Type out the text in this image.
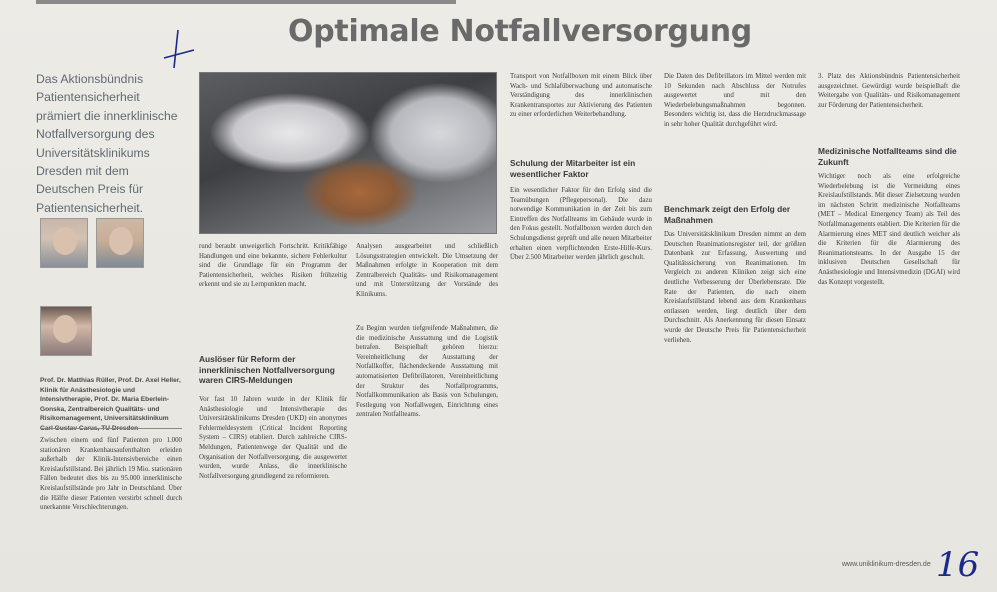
Optimale Notfallversorgung
Das Aktionsbündnis Patientensicherheit prämiert die innerklinische Notfallversorgung des Universitätsklinikums Dresden mit dem Deutschen Preis für Patientensicherheit.
Prof. Dr. Matthias Rüller, Prof. Dr. Axel Heller, Klinik für Anästhesiologie und Intensivtherapie, Prof. Dr. Maria Eberlein-Gonska, Zentralbereich Qualitäts- und Risikomanagement, Universitätsklinikum
Zwischen einem und fünf Patienten pro 1.000 stationären Krankenhausaufenthalten erleiden außerhalb der Klinik-Intensivbereiche einen Kreislaufstillstand. Bei jährlich 19 Mio. stationären Fällen bedeutet dies bis zu 95.000 innerklinische Kreislaufstillstände pro Jahr in Deutschland. Über die Hälfte dieser Patienten verstirbt schnell durch unerkannte Verschlechterungen.
rund beraubt unweigerlich Fortschritt. Kritikfähige Handlungen und eine bekannte, sichere Fehlerkultur sind die Grundlage für ein Programm der Patientensicherheit, welches Risiken frühzeitig erkennt und sie zu Lernpunkten macht.
Auslöser für Reform der innerklinischen Notfallversorgung waren CIRS-Meldungen
Vor fast 10 Jahren wurde in der Klinik für Anästhesiologie und Intensivtherapie des Universitätsklinikums Dresden (UKD) ein anonymes Fehlermeldesystem (Critical Incident Reporting System – CIRS) etabliert. Durch zahlreiche CIRS-Meldungen, Patientenwege der Qualität und die Organisation der Notfallversorgung, die ausgewertet wurden, wurde Anlass, die innerklinische Notfallversorgung grundlegend zu reformieren.
Analysen ausgearbeitet und schließlich Lösungsstrategien entwickelt. Die Umsetzung der Maßnahmen erfolgte in Kooperation mit dem Zentralbereich Qualitäts- und Risikomanagement und mit Unterstützung der Vorstände des Klinikums.
Zu Beginn wurden tiefgreifende Maßnahmen, die die medizinische Ausstattung und die Logistik betrafen. Beispielhaft gehören hierzu: Vereinheitlichung der Ausstattung der Notfallkoffer, flächendeckende Ausstattung mit automatisierten Defibrillatoren, Vereinheitlichung der Struktur des Notfallprogramms, Notfallkommunikation als Basis von Schulungen, Festlegung von Notfallwegen, Einrichtung eines zentralen Notfallteams.
Transport von Notfallboxen mit einem Blick über Wach- und Schlafüberwachung und automatische Verständigung des innerklinischen Krankentransportes zur Aktivierung des Patienten zu einer erforderlichen Weiterbehandlung.
Schulung der Mitarbeiter ist ein wesentlicher Faktor
Ein wesentlicher Faktor für den Erfolg sind die Teamübungen (Pflegepersonal). Die dazu notwendige Kommunikation in der Zeit bis zum Eintreffen des Notfallteams im Gebäude wurde in den Fokus gestellt. Notfallboxen werden durch den Schulungsdienst geprüft und alle neuen Mitarbeiter erhalten einen verpflichtenden Erste-Hilfe-Kurs. Über 2.500 Mitarbeiter werden jährlich geschult.
Die Daten des Defibrillators im Mittel werden mit 10 Sekunden nach Abschluss der Notrufes ausgewertet und mit den Wiederbelebungsmaßnahmen begonnen. Besonders wichtig ist, dass die Herzdruckmassage in sehr hoher Qualität durchgeführt wird.
Benchmark zeigt den Erfolg der Maßnahmen
Das Universitätsklinikum Dresden nimmt an dem Deutschen Reanimationsregister teil, der größten Datenbank zur Erfassung, Auswertung und Qualitätssicherung von Reanimationen. Im Vergleich zu anderen Kliniken zeigt sich eine deutliche Verbesserung der Überlebensrate. Die Rate der Patienten, die nach einem Kreislaufstillstand lebend aus dem Krankenhaus entlassen werden, liegt deutlich über dem Durchschnitt. Als Anerkennung für diesen Einsatz wurde der Deutsche Preis für Patientensicherheit verliehen.
3. Platz des Aktionsbündnis Patientensicherheit ausgezeichnet. Gewürdigt wurde beispielhaft die Weitergabe von Qualitäts- und Risikomanagement zur Förderung der Patientensicherheit.
Medizinische Notfallteams sind die Zukunft
Wichtiger noch als eine erfolgreiche Wiederbelebung ist die Vermeidung eines Kreislaufstillstands. Mit dieser Zielsetzung wurden im nächsten Schritt medizinische Notfallteams (MET – Medical Emergency Team) als Teil des Notfallmanagements etabliert. Die Kriterien für die Alarmierung eines MET sind deutlich weicher als die Kriterien für die Alarmierung des Reanimationsteams. In der Ausgabe 15 der inklusiven Deutschen Gesellschaft für Anästhesiologie und Intensivmedizin (DGAI) wird das Konzept vorgestellt.
www.uniklinikum-dresden.de 16
